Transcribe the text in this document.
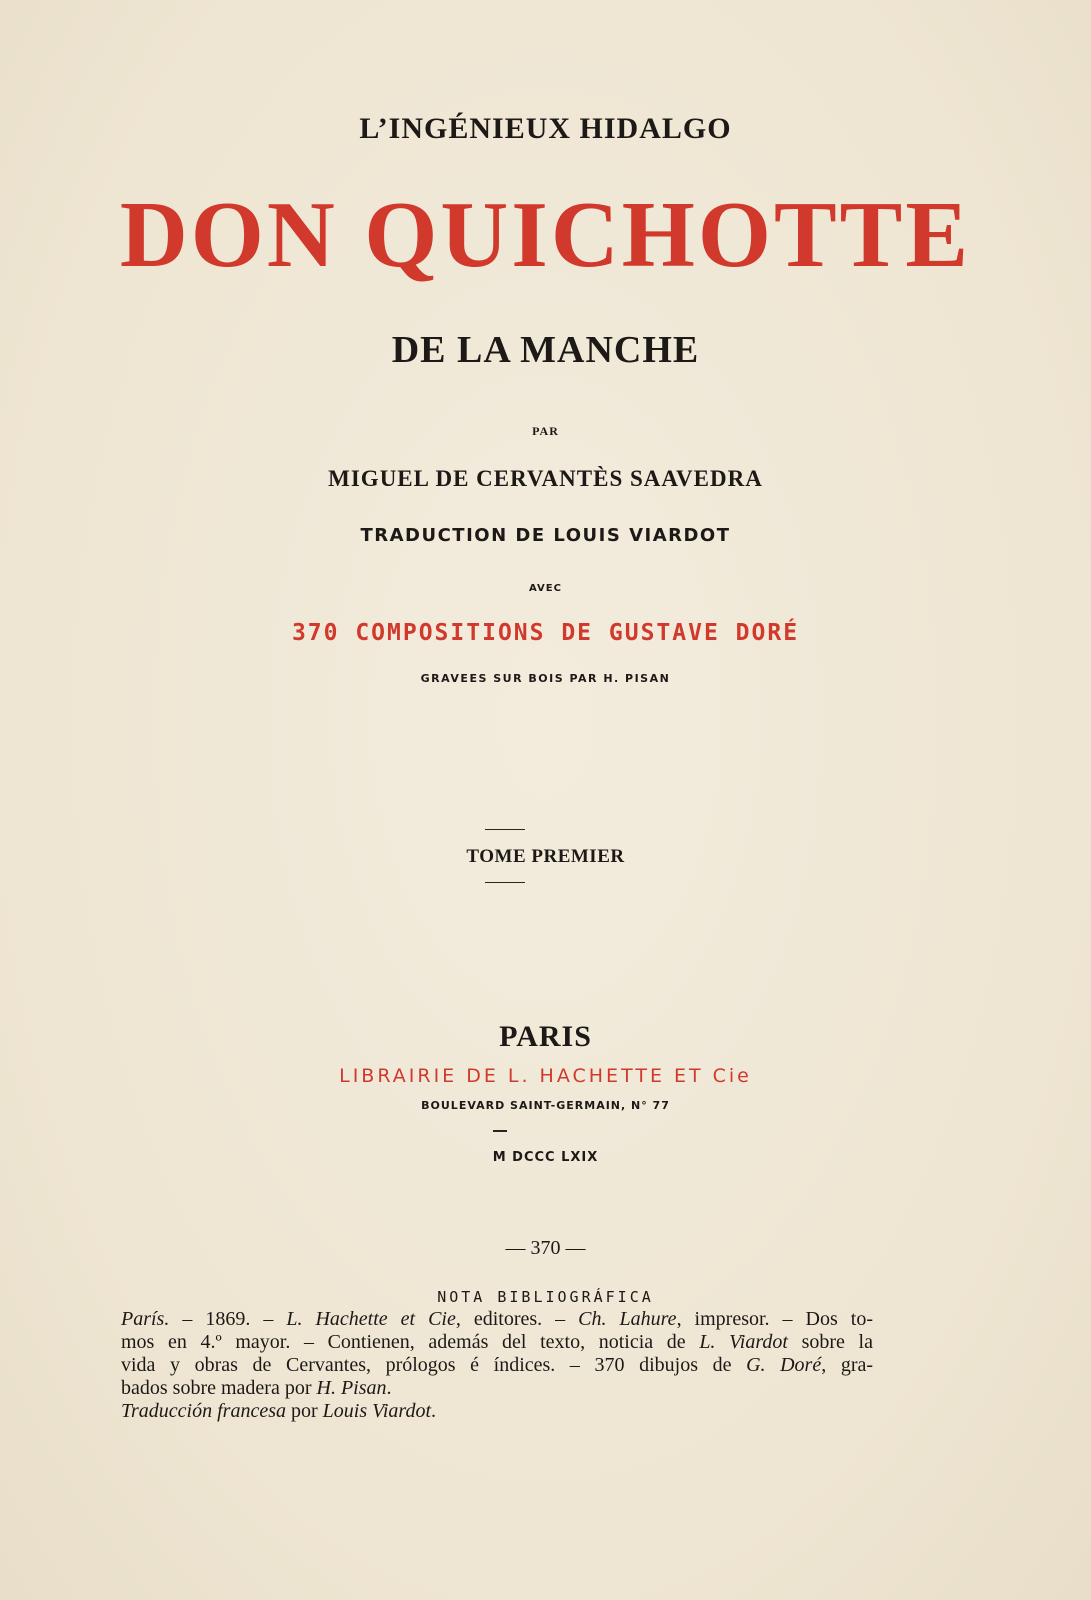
L’INGÉNIEUX HIDALGO
DON QUICHOTTE
DE LA MANCHE
PAR
MIGUEL DE CERVANTÈS SAAVEDRA
TRADUCTION DE LOUIS VIARDOT
AVEC
370 COMPOSITIONS DE GUSTAVE DORÉ
GRAVEES SUR BOIS PAR H. PISAN
TOME PREMIER
PARIS
LIBRAIRIE DE L. HACHETTE ET Cie
BOULEVARD SAINT-GERMAIN, N° 77
M DCCC LXIX
— 370 —
NOTA BIBLIOGRÁFICA
París. – 1869. – L. Hachette et Cie, editores. – Ch. Lahure, impresor. – Dos to-
mos en 4.º mayor. – Contienen, además del texto, noticia de L. Viardot sobre la
vida y obras de Cervantes, prólogos é índices. – 370 dibujos de G. Doré, gra-
bados sobre madera por H. Pisan.
Traducción francesa por Louis Viardot.
